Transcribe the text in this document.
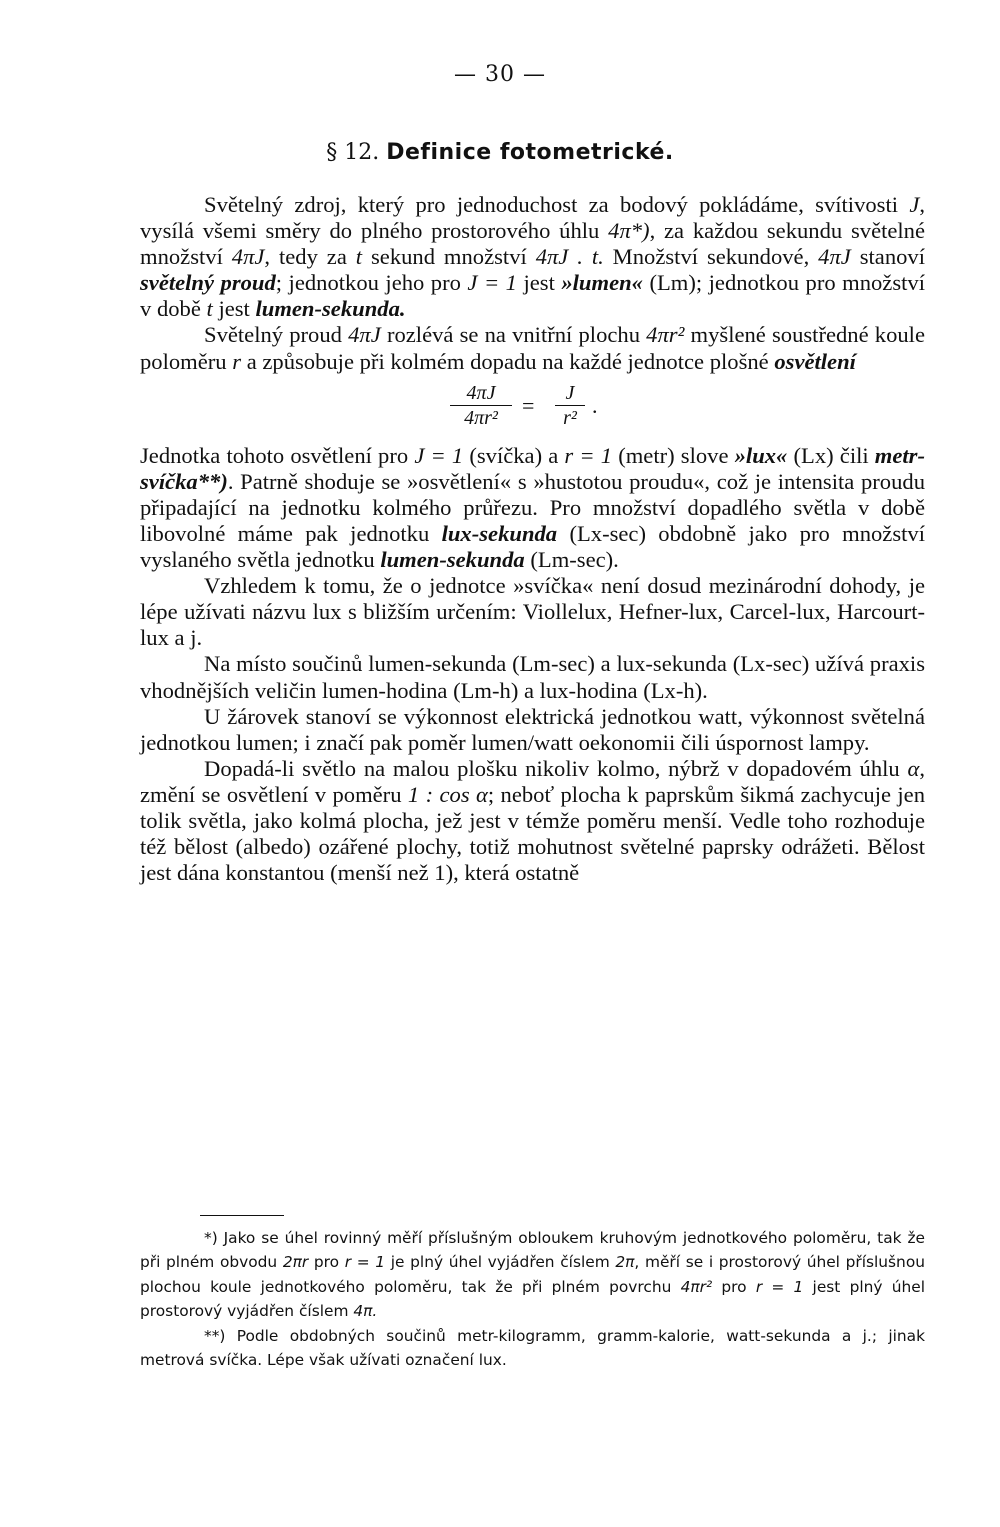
— 30 —
§ 12. Definice fotometrické.

Světelný zdroj, který pro jednoduchost za bodový pokládáme, svítivosti J, vysílá všemi směry do plného prostorového úhlu 4π*), za každou sekundu světelné množství 4πJ, tedy za t sekund množství 4πJ . t. Množství sekundové, 4πJ stanoví světelný proud; jednotkou jeho pro J = 1 jest »lumen« (Lm); jednotkou pro množství v době t jest lumen-sekunda.

Světelný proud 4πJ rozlévá se na vnitřní plochu 4πr² myšlené soustředné koule poloměru r a způsobuje při kolmém dopadu na každé jednotce plošné osvětlení

$\frac{4\pi J}{\text{4πr²}} = \frac{J}{\text{r²}}$ .

Jednotka tohoto osvětlení pro J = 1 (svíčka) a r = 1 (metr) slove »lux« (Lx) čili metr-svíčka**). Patrně shoduje se »osvětlení« s »hustotou proudu«, což je intensita proudu připadající na jednotku kolmého průřezu. Pro množství dopadlého světla v době libovolné máme pak jednotku lux-sekunda (Lx-sec) obdobně jako pro množství vyslaného světla jednotku lumen-sekunda (Lm-sec).

Vzhledem k tomu, že o jednotce »svíčka« není dosud mezinárodní dohody, je lépe užívati názvu lux s bližším určením: Viollelux, Hefner-lux, Carcel-lux, Harcourt-lux a j.

Na místo součinů lumen-sekunda (Lm-sec) a lux-sekunda (Lx-sec) užívá praxis vhodnějších veličin lumen-hodina (Lm-h) a lux-hodina (Lx-h).

U žárovek stanoví se výkonnost elektrická jednotkou watt, výkonnost světelná jednotkou lumen; i značí pak poměr lumen/watt oekonomii čili úspornost lampy.

Dopadá-li světlo na malou plošku nikoliv kolmo, nýbrž v dopadovém úhlu α, změní se osvětlení v poměru 1 : cos α; neboť plocha k paprskům šikmá zachycuje jen tolik světla, jako kolmá plocha, jež jest v témže poměru menší. Vedle toho rozhoduje též bělost (albedo) ozářené plochy, totiž mohutnost světelné paprsky odrážeti. Bělost jest dána konstantou (menší než 1), která ostatně

*) Jako se úhel rovinný měří příslušným obloukem kruhovým jednotkového poloměru, tak že při plném obvodu 2πr pro r = 1 je plný úhel vyjádřen číslem 2π, měří se i prostorový úhel příslušnou plochou koule jednotkového poloměru, tak že při plném povrchu 4πr² pro r = 1 jest plný úhel prostorový vyjádřen číslem 4π.

**) Podle obdobných součinů metr-kilogramm, gramm-kalorie, watt-sekunda a j.; jinak metrová svíčka. Lépe však užívati označení lux.
